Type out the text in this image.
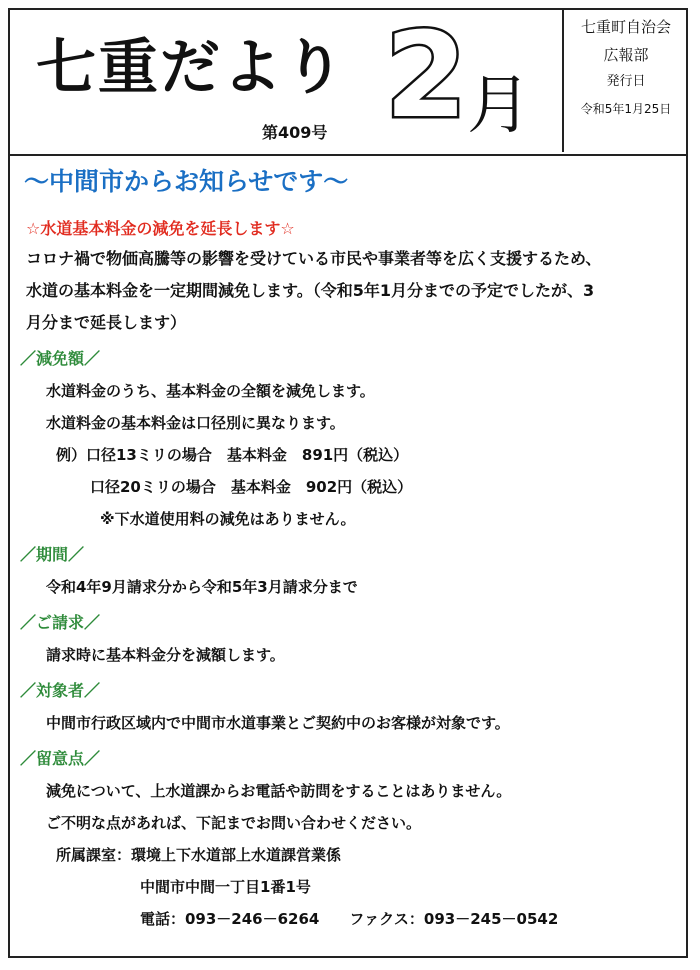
七重だより
第409号 2 月
七重町自治会
広報部
発行日
令和5年1月25日
～中間市からお知らせです～
☆水道基本料金の減免を延長します☆
コロナ禍で物価高騰等の影響を受けている市民や事業者等を広く支援するため、
水道の基本料金を一定期間減免します。（令和5年1月分までの予定でしたが、3
月分まで延長します）
／減免額／
水道料金のうち、基本料金の全額を減免します。
水道料金の基本料金は口径別に異なります。
例）口径13ミリの場合　基本料金　891円（税込）
口径20ミリの場合　基本料金　902円（税込）
※下水道使用料の減免はありません。
／期間／
令和4年9月請求分から令和5年3月請求分まで
／ご請求／
請求時に基本料金分を減額します。
／対象者／
中間市行政区域内で中間市水道事業とご契約中のお客様が対象です。
／留意点／
減免について、上水道課からお電話や訪問をすることはありません。
ご不明な点があれば、下記までお問い合わせください。
所属課室：環境上下水道部上水道課営業係
中間市中間一丁目1番1号
電話：093－246－6264　　ファクス：093－245－0542
